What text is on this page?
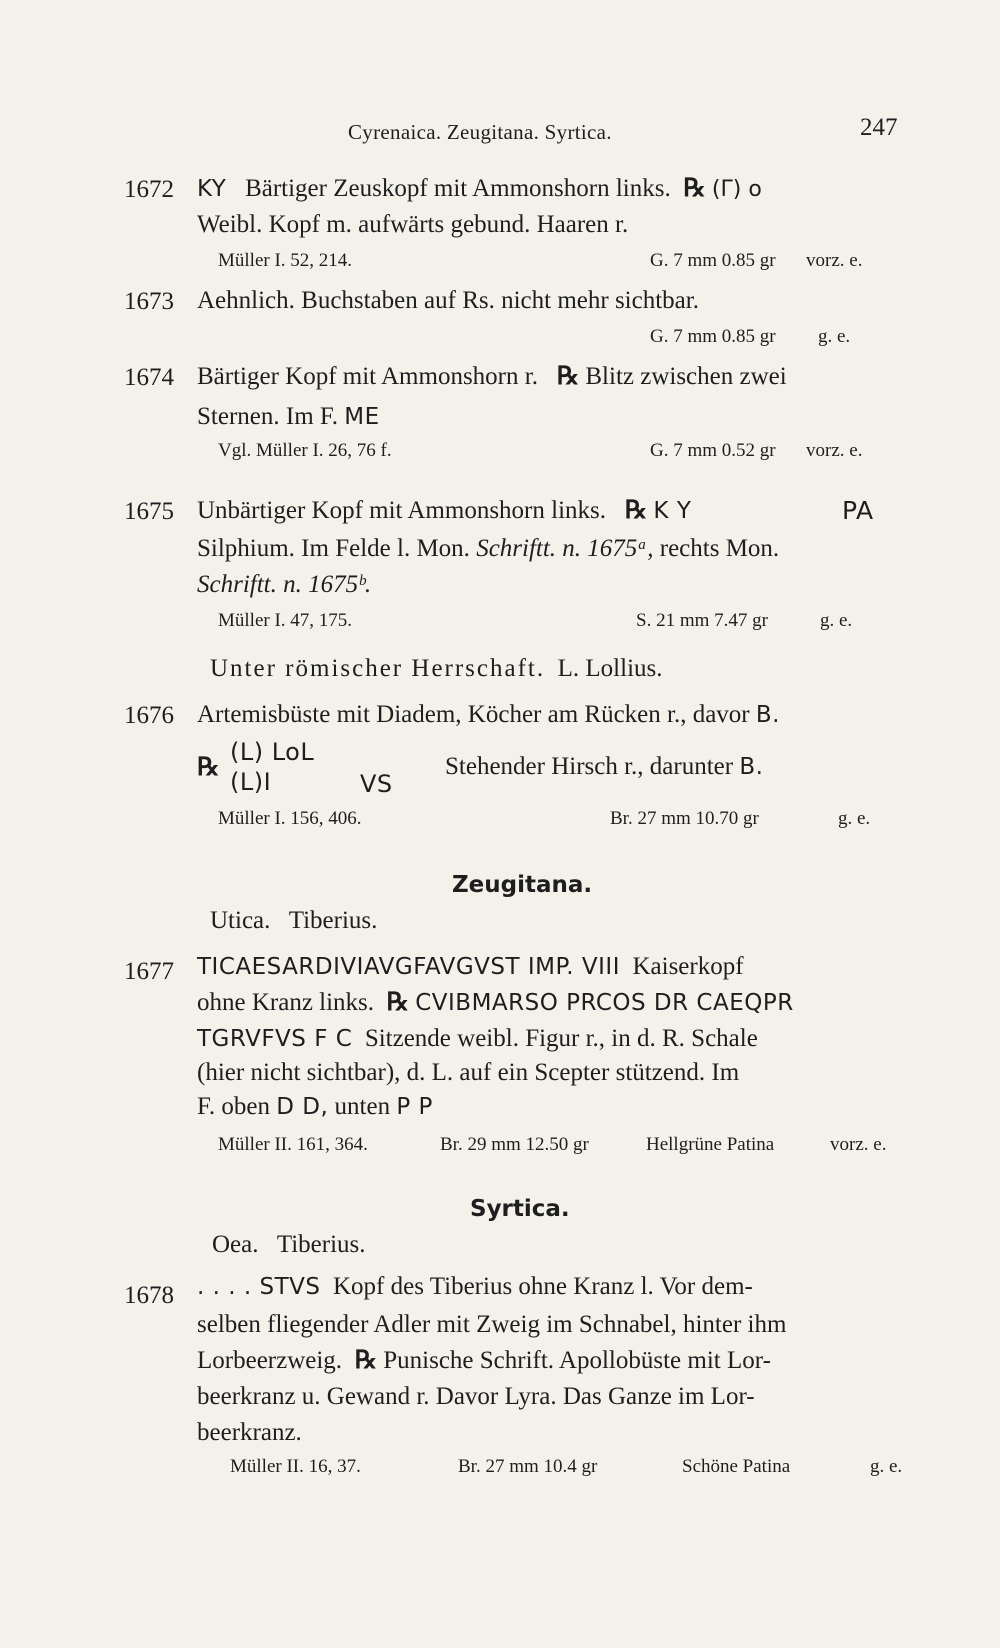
Cyrenaica. Zeugitana. Syrtica.	247
1672 KY Bärtiger Zeuskopf mit Ammonshorn links. ℞ (Γ) o
Weibl. Kopf m. aufwärts gebund. Haaren r.
Müller I. 52, 214.	G. 7 mm 0.85 gr vorz. e.
1673 Aehnlich. Buchstaben auf Rs. nicht mehr sichtbar.
G. 7 mm 0.85 gr g. e.
1674 Bärtiger Kopf mit Ammonshorn r. ℞ Blitz zwischen zwei
Sternen. Im F. ME
Vgl. Müller I. 26, 76 f.	G. 7 mm 0.52 gr vorz. e.
1675 Unbärtiger Kopf mit Ammonshorn links. ℞ K Y	PA
Silphium. Im Felde l. Mon. Schriftt. n. 1675ᵃ, rechts Mon.
Schriftt. n. 1675ᵇ.
Müller I. 47, 175.	S. 21 mm 7.47 gr	g. e.
Unter römischer Herrschaft. L. Lollius.
1676 Artemisbüste mit Diadem, Köcher am Rücken r., davor B.
℞
(L) LoL
(L)I	VS
Stehender Hirsch r., darunter B.
Müller I. 156, 406.	Br. 27 mm 10.70 gr	g. e.
Zeugitana.
Utica. Tiberius.
1677 TICAESARDIVIAVGFAVGVST IMP. VIII Kaiserkopf
ohne Kranz links. ℞ CVIBMARSO PRCOS DR CAEQPR
TGRVFVS F C Sitzende weibl. Figur r., in d. R. Schale
(hier nicht sichtbar), d. L. auf ein Scepter stützend. Im
F. oben D D, unten P P
Müller II. 161, 364.	Br. 29 mm 12.50 gr	Hellgrüne Patina	vorz. e.
Syrtica.
Oea. Tiberius.
1678 . . . . STVS Kopf des Tiberius ohne Kranz l. Vor dem-
selben fliegender Adler mit Zweig im Schnabel, hinter ihm
Lorbeerzweig. ℞ Punische Schrift. Apollobüste mit Lor-
beerkranz u. Gewand r. Davor Lyra. Das Ganze im Lor-
beerkranz.
Müller II. 16, 37.	Br. 27 mm 10.4 gr	Schöne Patina	g. e.
